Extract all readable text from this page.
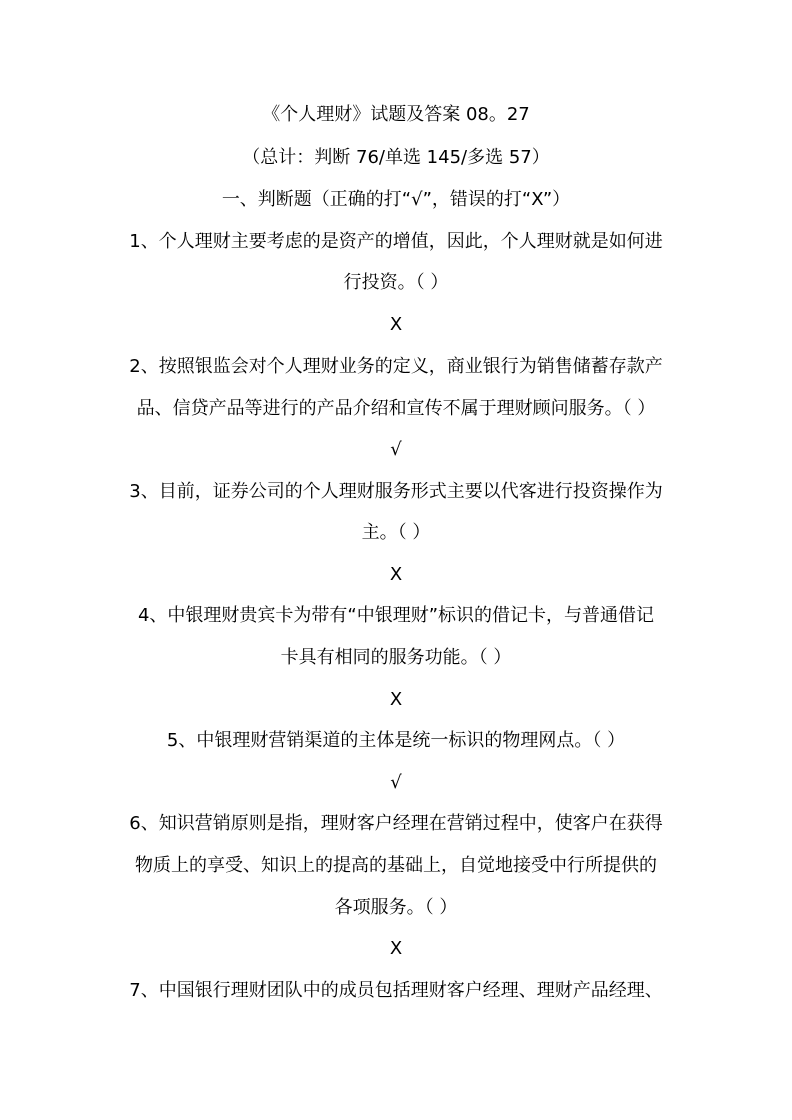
《个人理财》试题及答案 08。27
（总计：判断 76/单选 145/多选 57）
一、判断题（正确的打“√”，错误的打“X”）
1、个人理财主要考虑的是资产的增值，因此，个人理财就是如何进
行投资。（ ）
X
2、按照银监会对个人理财业务的定义，商业银行为销售储蓄存款产
品、信贷产品等进行的产品介绍和宣传不属于理财顾问服务。（ ）
√
3、目前，证券公司的个人理财服务形式主要以代客进行投资操作为
主。（ ）
X
4、中银理财贵宾卡为带有“中银理财”标识的借记卡，与普通借记
卡具有相同的服务功能。（ ）
X
5、中银理财营销渠道的主体是统一标识的物理网点。（ ）
√
6、知识营销原则是指，理财客户经理在营销过程中，使客户在获得
物质上的享受、知识上的提高的基础上，自觉地接受中行所提供的
各项服务。（ ）
X
7、中国银行理财团队中的成员包括理财客户经理、理财产品经理、
